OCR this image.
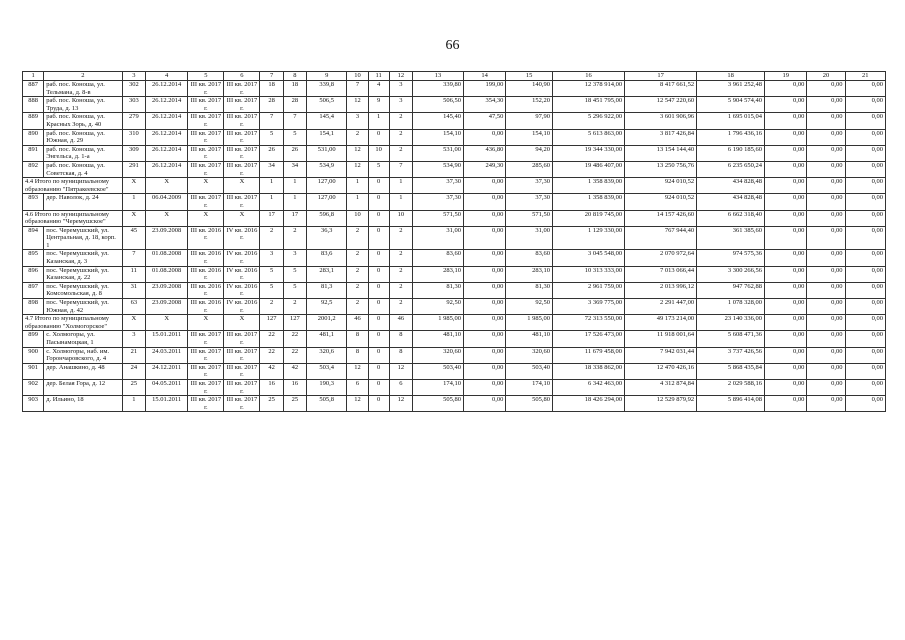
66
1	2	3	4	5	6	7	8	9	10	11	12	13	14	15	16	17	18	19	20	21
887	раб. пос. Коноша, ул. Тельмана, д. 8-в	302	26.12.2014	III кв. 2017 г.	III кв. 2017 г.	18	18	339,8	7	4	3	339,80	199,00	140,90	12 378 914,00	8 417 661,52	3 961 252,48	0,00	0,00	0,00
888	раб. пос. Коноша, ул. Труда, д. 13	303	26.12.2014	III кв. 2017 г.	III кв. 2017 г.	28	28	506,5	12	9	3	506,50	354,30	152,20	18 451 795,00	12 547 220,60	5 904 574,40	0,00	0,00	0,00
889	раб. пос. Коноша, ул. Красных Зорь, д. 40	279	26.12.2014	III кв. 2017 г.	III кв. 2017 г.	7	7	145,4	3	1	2	145,40	47,50	97,90	5 296 922,00	3 601 906,96	1 695 015,04	0,00	0,00	0,00
890	раб. пос. Коноша, ул. Южная, д. 29	310	26.12.2014	III кв. 2017 г.	III кв. 2017 г.	5	5	154,1	2	0	2	154,10	0,00	154,10	5 613 863,00	3 817 426,84	1 796 436,16	0,00	0,00	0,00
891	раб. пос. Коноша, ул. Энгельса, д. 1-а	309	26.12.2014	III кв. 2017 г.	III кв. 2017 г.	26	26	531,00	12	10	2	531,00	436,80	94,20	19 344 330,00	13 154 144,40	6 190 185,60	0,00	0,00	0,00
892	раб. пос. Коноша, ул. Советская, д. 4	291	26.12.2014	III кв. 2017 г.	III кв. 2017 г.	34	34	534,9	12	5	7	534,90	249,30	285,60	19 486 407,00	13 250 756,76	6 235 650,24	0,00	0,00	0,00
4.4 Итого по муниципальному образованию "Пятракеевское"		X	X	X	X	1	1	127,00	1	0	1	37,30	0,00	37,30	1 358 839,00	924 010,52	434 828,48	0,00	0,00	0,00
893	дер. Наволок, д. 24	1	06.04.2009	III кв. 2017 г.	III кв. 2017 г.	1	1	127,00	1	0	1	37,30	0,00	37,30	1 358 839,00	924 010,52	434 828,48	0,00	0,00	0,00
4.6 Итого по муниципальному образованию "Черемушское"		X	X	X	X	17	17	596,8	10	0	10	571,50	0,00	571,50	20 819 745,00	14 157 426,60	6 662 318,40	0,00	0,00	0,00
894	пос. Черемушский, ул. Центральная, д. 18, корп. 1	45	23.09.2008	III кв. 2016 г.	IV кв. 2016 г.	2	2	36,3	2	0	2	31,00	0,00	31,00	1 129 330,00	767 944,40	361 385,60	0,00	0,00	0,00
895	пос. Черемушский, ул. Казанская, д. 3	7	01.08.2008	III кв. 2016 г.	IV кв. 2016 г.	3	3	83,6	2	0	2	83,60	0,00	83,60	3 045 548,00	2 070 972,64	974 575,36	0,00	0,00	0,00
896	пос. Черемушский, ул. Казанская, д. 22	11	01.08.2008	III кв. 2016 г.	IV кв. 2016 г.	5	5	283,1	2	0	2	283,10	0,00	283,10	10 313 333,00	7 013 066,44	3 300 266,56	0,00	0,00	0,00
897	пос. Черемушский, ул. Комсомольская, д. 8	31	23.09.2008	III кв. 2016 г.	IV кв. 2016 г.	5	5	81,3	2	0	2	81,30	0,00	81,30	2 961 759,00	2 013 996,12	947 762,88	0,00	0,00	0,00
898	пос. Черемушский, ул. Южная, д. 42	63	23.09.2008	III кв. 2016 г.	IV кв. 2016 г.	2	2	92,5	2	0	2	92,50	0,00	92,50	3 369 775,00	2 291 447,00	1 078 328,00	0,00	0,00	0,00
4.7 Итого по муниципальному образованию "Холмогорское"		X	X	X	X	127	127	2001,2	46	0	46	1 985,00	0,00	1 985,00	72 313 550,00	49 173 214,00	23 140 336,00	0,00	0,00	0,00
899	с. Холмогоры, ул. Пасынамоцкая, 1	3	15.01.2011	III кв. 2017 г.	III кв. 2017 г.	22	22	481,1	8	0	8	481,10	0,00	481,10	17 526 473,00	11 918 001,64	5 608 471,36	0,00	0,00	0,00
900	с. Холмогоры, наб. им. Горончаровского, д. 4	21	24.03.2011	III кв. 2017 г.	III кв. 2017 г.	22	22	320,6	8	0	8	320,60	0,00	320,60	11 679 458,00	7 942 031,44	3 737 426,56	0,00	0,00	0,00
901	дер. Анашкино, д. 48	24	24.12.2011	III кв. 2017 г.	III кв. 2017 г.	42	42	503,4	12	0	12	503,40	0,00	503,40	18 338 862,00	12 470 426,16	5 868 435,84	0,00	0,00	0,00
902	дер. Белая Гора, д. 12	25	04.05.2011	III кв. 2017 г.	III кв. 2017 г.	16	16	190,3	6	0	6	174,10	0,00	174,10	6 342 463,00	4 312 874,84	2 029 588,16	0,00	0,00	0,00
903	д. Ильино, 18	1	15.01.2011	III кв. 2017 г.	III кв. 2017 г.	25	25	505,8	12	0	12	505,80	0,00	505,80	18 426 294,00	12 529 879,92	5 896 414,08	0,00	0,00	0,00
